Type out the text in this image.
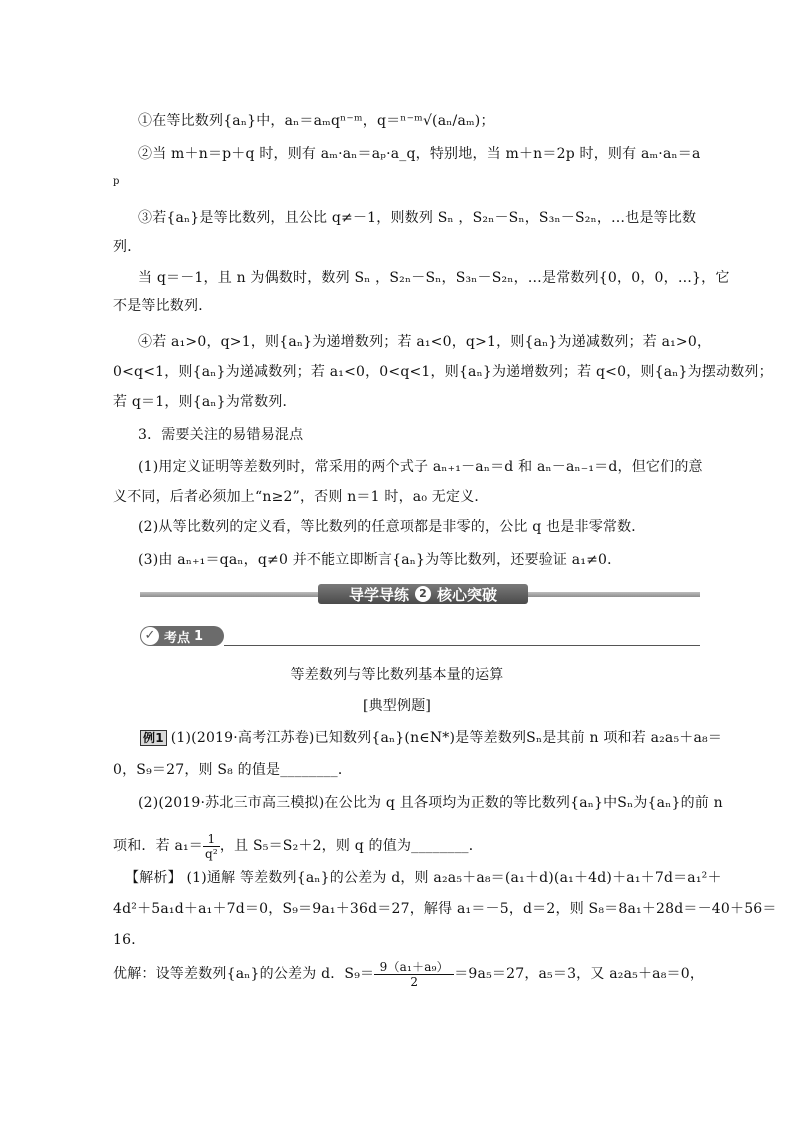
①在等比数列{aₙ}中，aₙ＝aₘqⁿ⁻ᵐ，q＝ⁿ⁻ᵐ√(aₙ/aₘ)；
②当 m＋n＝p＋q 时，则有 aₘ·aₙ＝aₚ·a_q，特别地，当 m＋n＝2p 时，则有 aₘ·aₙ＝a
p
③若{aₙ}是等比数列，且公比 q≠－1，则数列 Sₙ ，S₂ₙ－Sₙ，S₃ₙ－S₂ₙ，…也是等比数
列．
当 q＝－1，且 n 为偶数时，数列 Sₙ ，S₂ₙ－Sₙ，S₃ₙ－S₂ₙ，…是常数列{0，0，0，…}，它
不是等比数列．
④若 a₁>0，q>1，则{aₙ}为递增数列；若 a₁<0，q>1，则{aₙ}为递减数列；若 a₁>0，
0<q<1，则{aₙ}为递减数列；若 a₁<0，0<q<1，则{aₙ}为递增数列；若 q<0，则{aₙ}为摆动数列；
若 q＝1，则{aₙ}为常数列．
3．需要关注的易错易混点
(1)用定义证明等差数列时，常采用的两个式子 aₙ₊₁－aₙ＝d 和 aₙ－aₙ₋₁＝d，但它们的意
义不同，后者必须加上“n≥2”，否则 n＝1 时，a₀ 无定义．
(2)从等比数列的定义看，等比数列的任意项都是非零的，公比 q 也是非零常数．
(3)由 aₙ₊₁＝qaₙ，q≠0 并不能立即断言{aₙ}为等比数列，还要验证 a₁≠0．
导学导练 2 核心突破
✓ 考点 1
等差数列与等比数列基本量的运算
[典型例题]
例1 (1)(2019·高考江苏卷)已知数列{aₙ}(n∈N*)是等差数列Sₙ是其前 n 项和若 a₂a₅＋a₈＝
0，S₉＝27，则 S₈ 的值是________．
(2)(2019·苏北三市高三模拟)在公比为 q 且各项均为正数的等比数列{aₙ}中Sₙ为{aₙ}的前 n
项和．若 $a_1= \frac{1}{\text{q²}}$ ，且 S₅＝S₂＋2，则 q 的值为________．
【解析】 (1)通解 等差数列{aₙ}的公差为 d，则 a₂a₅＋a₈＝(a₁＋d)(a₁＋4d)＋a₁＋7d＝a₁²＋
4d²＋5a₁d＋a₁＋7d＝0，S₉＝9a₁＋36d＝27，解得 a₁＝－5，d＝2，则 S₈＝8a₁＋28d＝－40＋56＝
16．
优解：设等差数列{aₙ}的公差为 d．$S_9= \frac{\text{9（a₁＋a₉）}}{2} =9a_5=27$，a₅＝3，又 a₂a₅＋a₈＝0，
